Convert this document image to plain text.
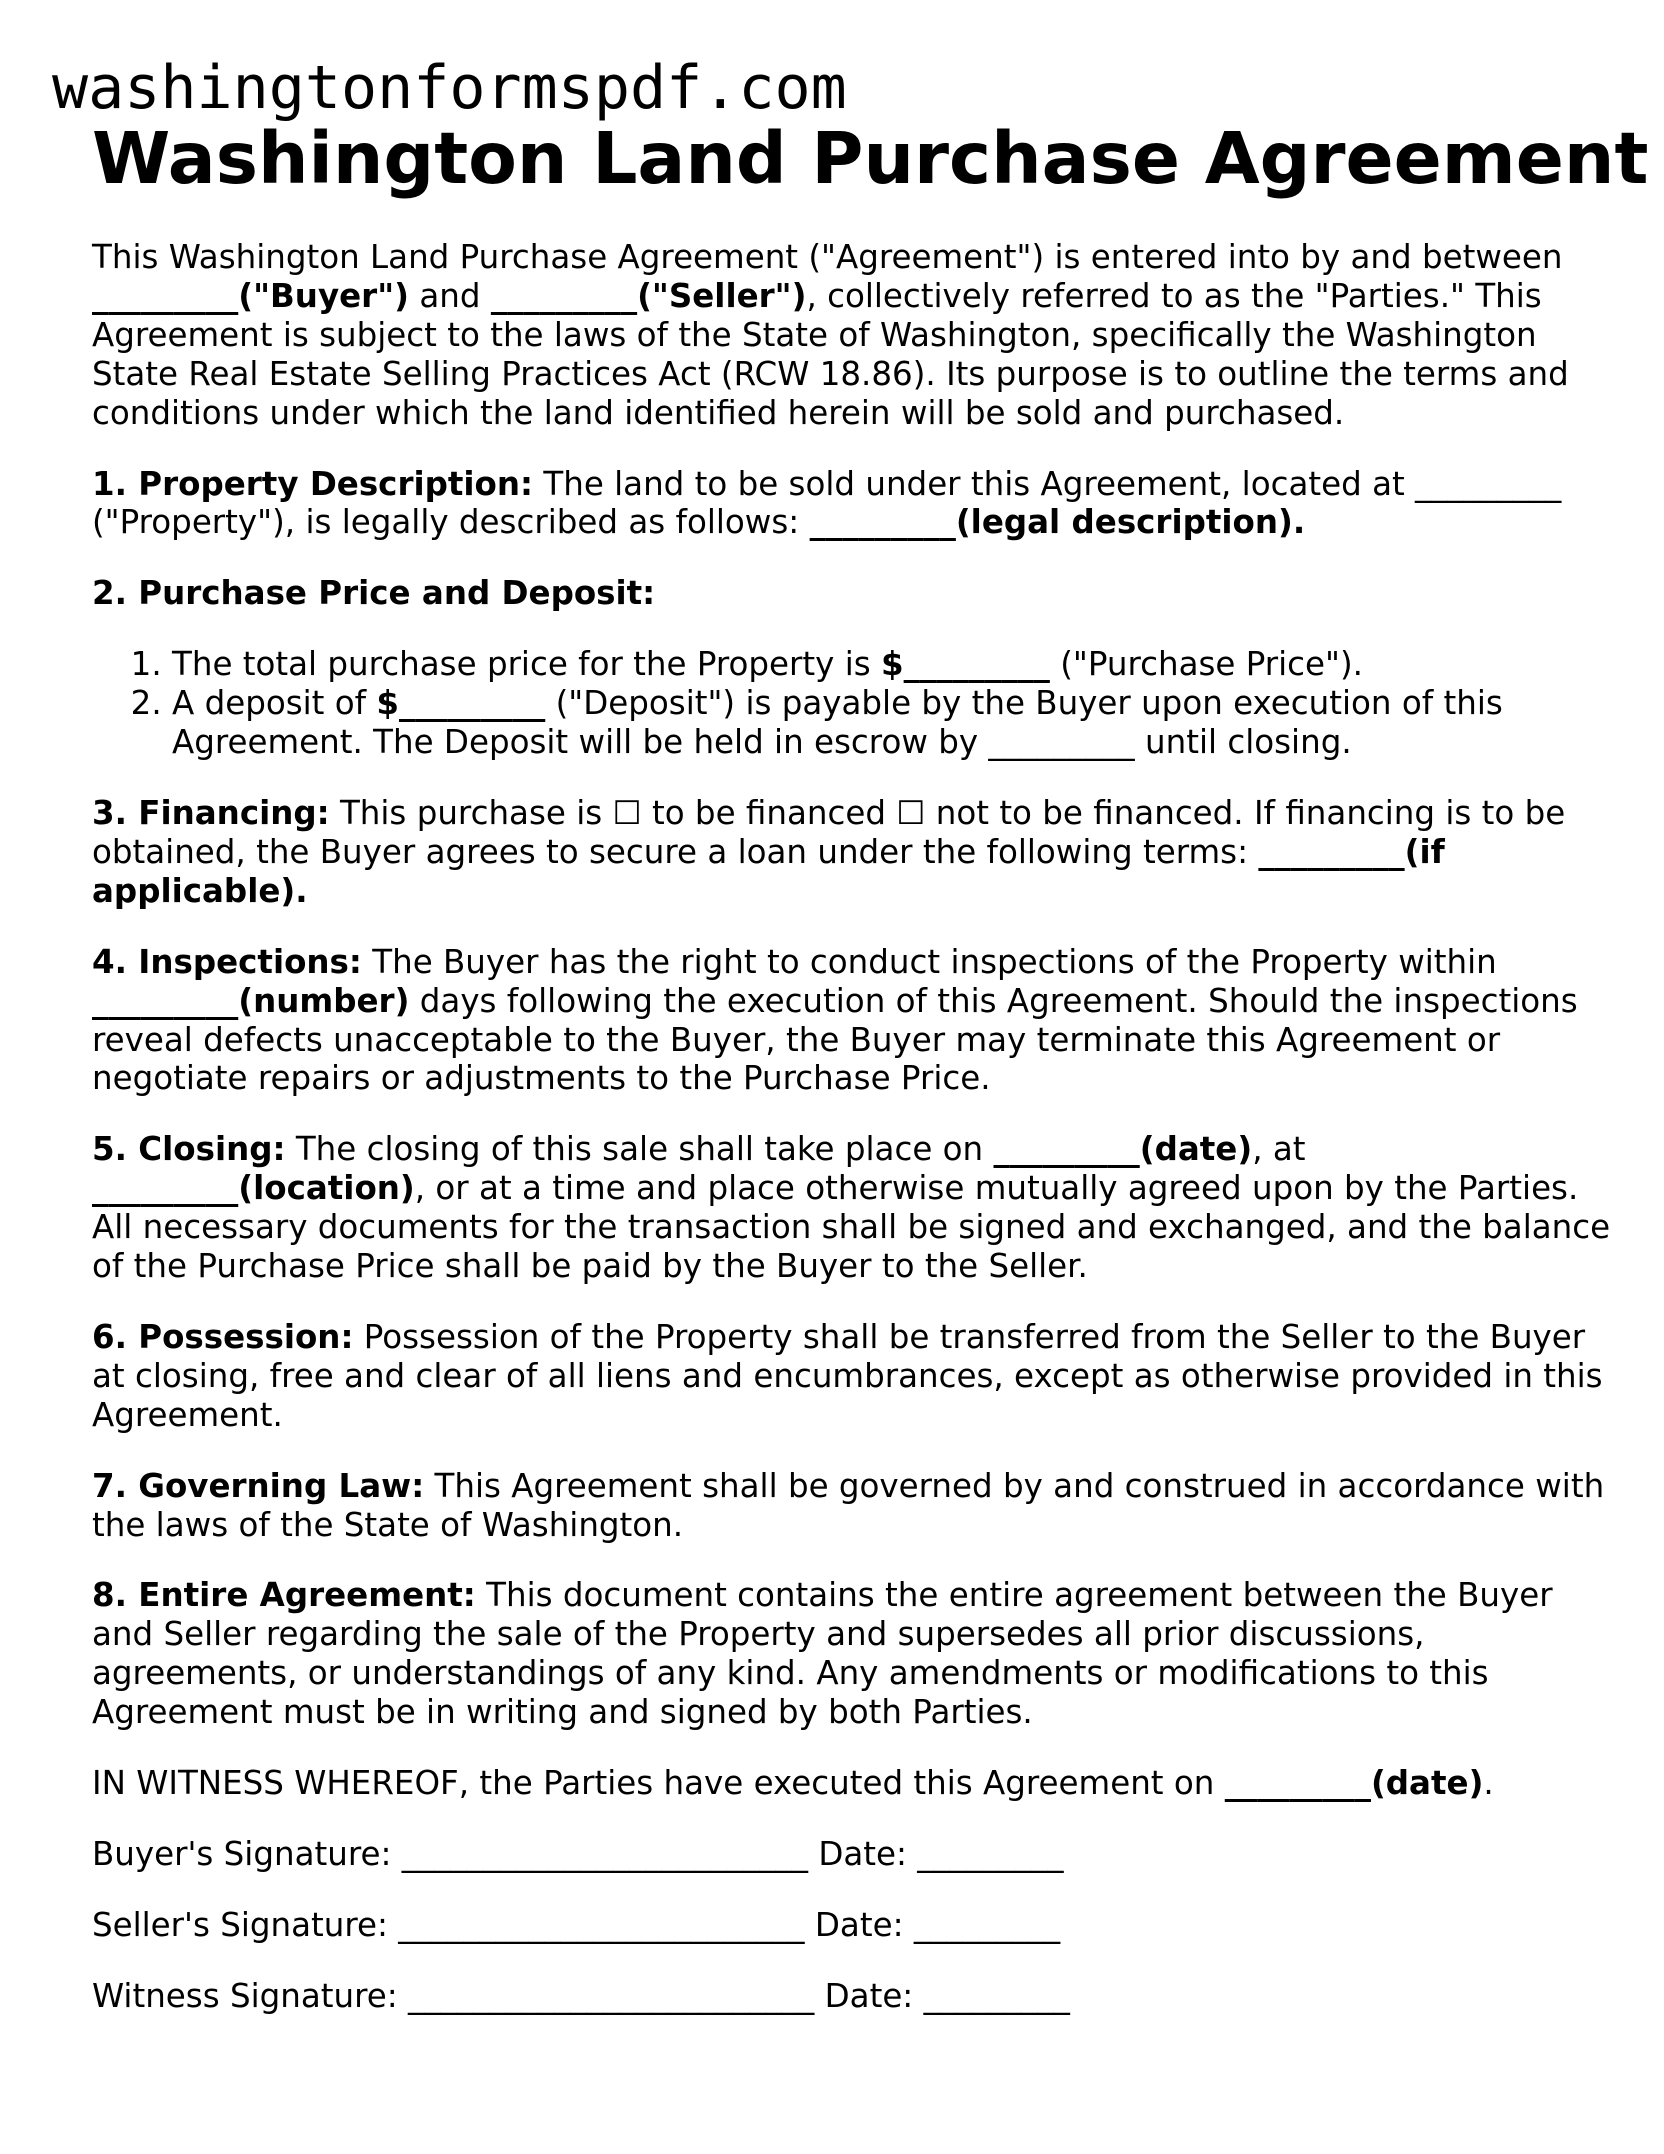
washingtonformspdf.com
Washington Land Purchase Agreement

This Washington Land Purchase Agreement ("Agreement") is entered into by and between _________("Buyer") and _________("Seller"), collectively referred to as the "Parties." This Agreement is subject to the laws of the State of Washington, specifically the Washington State Real Estate Selling Practices Act (RCW 18.86). Its purpose is to outline the terms and conditions under which the land identified herein will be sold and purchased.

1. Property Description: The land to be sold under this Agreement, located at _________ ("Property"), is legally described as follows: _________(legal description).

2. Purchase Price and Deposit:

1. The total purchase price for the Property is $_________ ("Purchase Price").
2. A deposit of $_________ ("Deposit") is payable by the Buyer upon execution of this Agreement. The Deposit will be held in escrow by _________ until closing.

3. Financing: This purchase is ☐ to be financed ☐ not to be financed. If financing is to be obtained, the Buyer agrees to secure a loan under the following terms: _________(if applicable).

4. Inspections: The Buyer has the right to conduct inspections of the Property within _________(number) days following the execution of this Agreement. Should the inspections reveal defects unacceptable to the Buyer, the Buyer may terminate this Agreement or negotiate repairs or adjustments to the Purchase Price.

5. Closing: The closing of this sale shall take place on _________(date), at _________(location), or at a time and place otherwise mutually agreed upon by the Parties. All necessary documents for the transaction shall be signed and exchanged, and the balance of the Purchase Price shall be paid by the Buyer to the Seller.

6. Possession: Possession of the Property shall be transferred from the Seller to the Buyer at closing, free and clear of all liens and encumbrances, except as otherwise provided in this Agreement.

7. Governing Law: This Agreement shall be governed by and construed in accordance with the laws of the State of Washington.

8. Entire Agreement: This document contains the entire agreement between the Buyer and Seller regarding the sale of the Property and supersedes all prior discussions, agreements, or understandings of any kind. Any amendments or modifications to this Agreement must be in writing and signed by both Parties.

IN WITNESS WHEREOF, the Parties have executed this Agreement on _________(date).

Buyer's Signature: _________________________ Date: _________
Seller's Signature: _________________________ Date: _________
Witness Signature: _________________________ Date: _________
